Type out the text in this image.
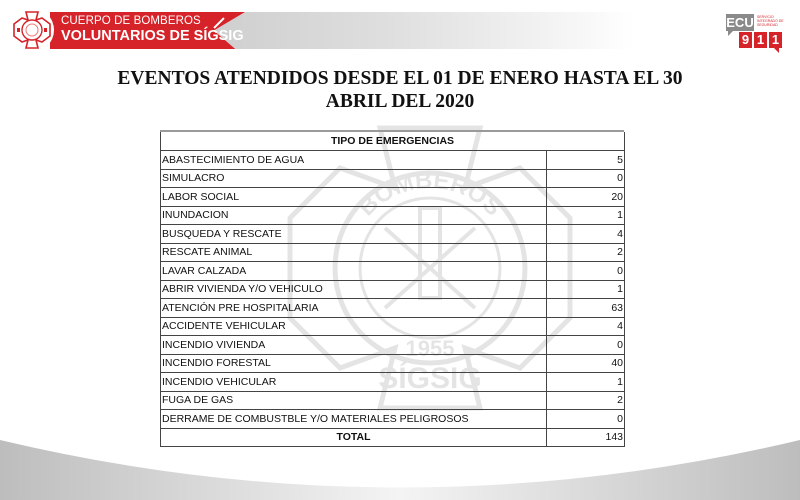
CUERPO DE BOMBEROS
VOLUNTARIOS DE SÍGSIG
ECU SERVICIO INTEGRADO DE SEGURIDAD
9 1 1
EVENTOS ATENDIDOS DESDE EL 01 DE ENERO HASTA EL 30
ABRIL DEL 2020
BOMBEROS
1955
SÍGSIG
TIPO DE EMERGENCIAS	
ABASTECIMIENTO DE AGUA	5
SIMULACRO	0
LABOR SOCIAL	20
INUNDACION	1
BUSQUEDA Y RESCATE	4
RESCATE ANIMAL	2
LAVAR CALZADA	0
ABRIR VIVIENDA Y/O VEHICULO	1
ATENCIÓN PRE HOSPITALARIA	63
ACCIDENTE VEHICULAR	4
INCENDIO VIVIENDA	0
INCENDIO FORESTAL	40
INCENDIO VEHICULAR	1
FUGA DE GAS	2
DERRAME DE COMBUSTBLE Y/O MATERIALES PELIGROSOS	0
TOTAL	143
